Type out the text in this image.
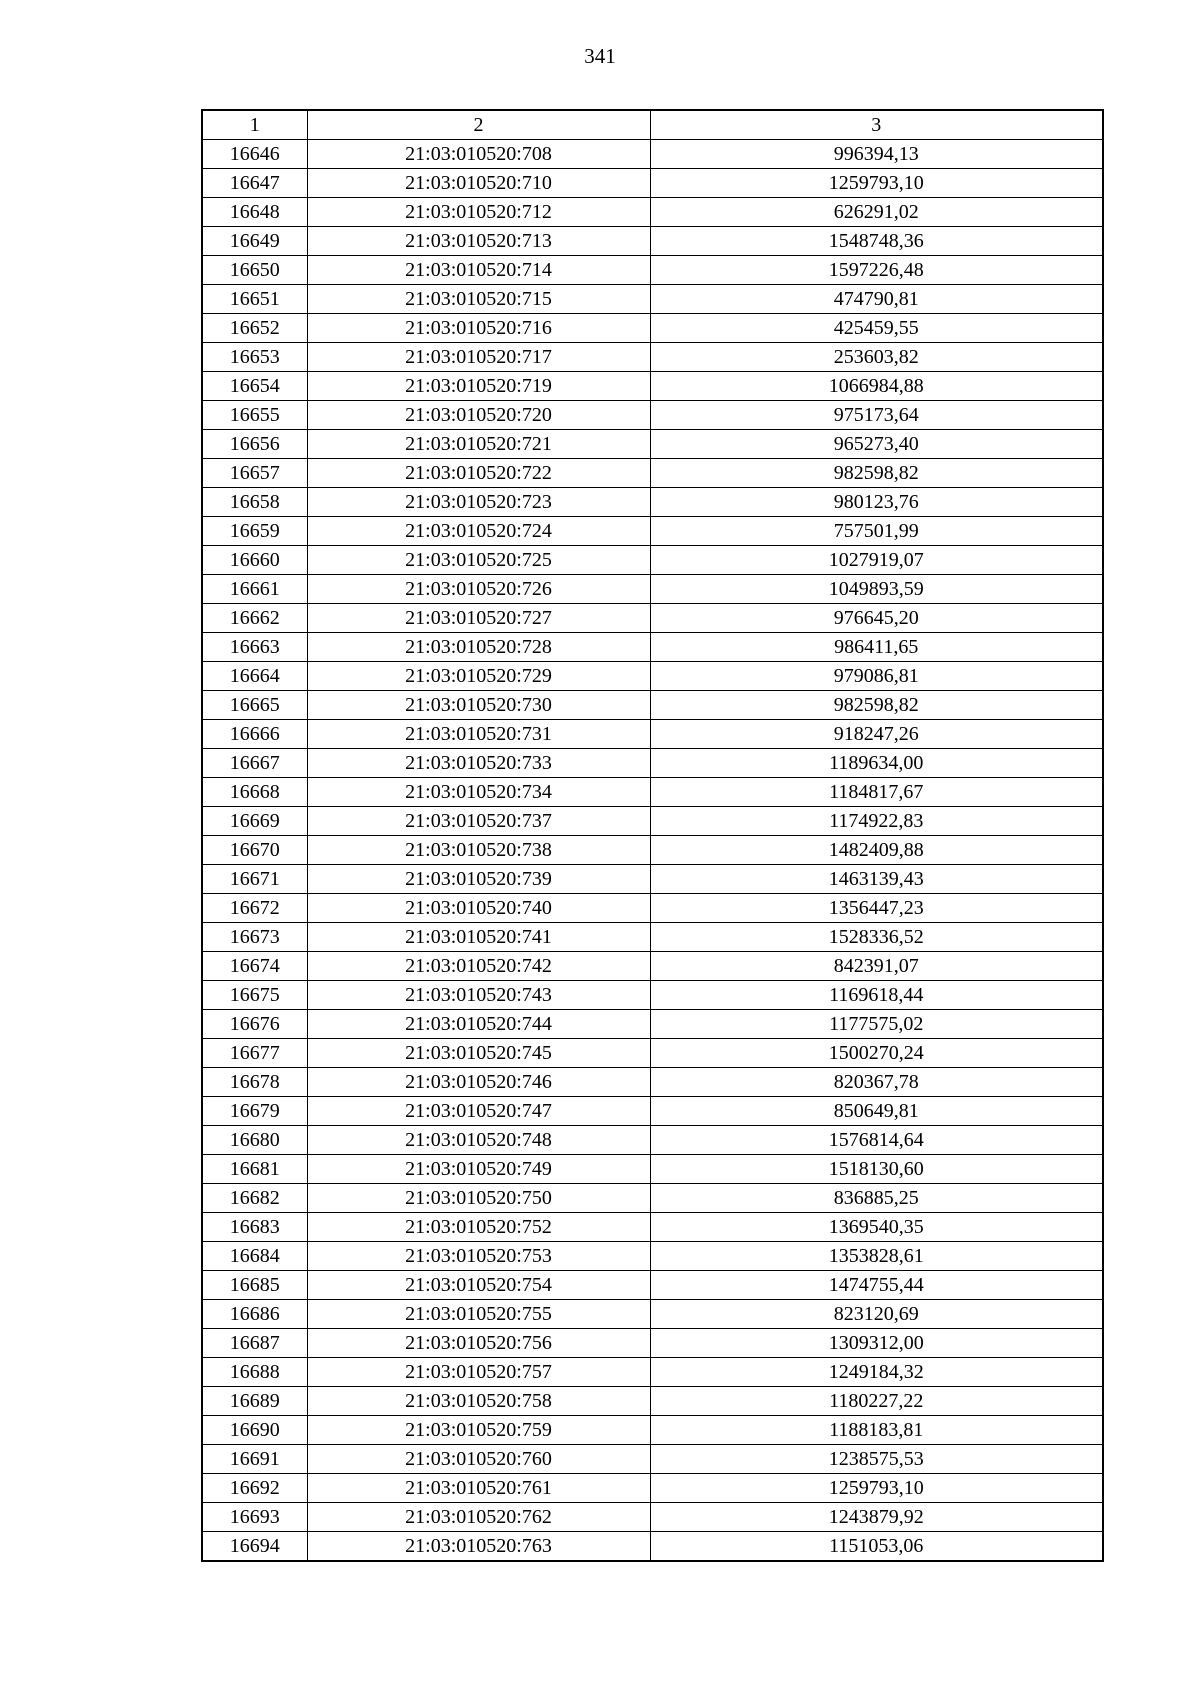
341
1	2	3
16646	21:03:010520:708	996394,13
16647	21:03:010520:710	1259793,10
16648	21:03:010520:712	626291,02
16649	21:03:010520:713	1548748,36
16650	21:03:010520:714	1597226,48
16651	21:03:010520:715	474790,81
16652	21:03:010520:716	425459,55
16653	21:03:010520:717	253603,82
16654	21:03:010520:719	1066984,88
16655	21:03:010520:720	975173,64
16656	21:03:010520:721	965273,40
16657	21:03:010520:722	982598,82
16658	21:03:010520:723	980123,76
16659	21:03:010520:724	757501,99
16660	21:03:010520:725	1027919,07
16661	21:03:010520:726	1049893,59
16662	21:03:010520:727	976645,20
16663	21:03:010520:728	986411,65
16664	21:03:010520:729	979086,81
16665	21:03:010520:730	982598,82
16666	21:03:010520:731	918247,26
16667	21:03:010520:733	1189634,00
16668	21:03:010520:734	1184817,67
16669	21:03:010520:737	1174922,83
16670	21:03:010520:738	1482409,88
16671	21:03:010520:739	1463139,43
16672	21:03:010520:740	1356447,23
16673	21:03:010520:741	1528336,52
16674	21:03:010520:742	842391,07
16675	21:03:010520:743	1169618,44
16676	21:03:010520:744	1177575,02
16677	21:03:010520:745	1500270,24
16678	21:03:010520:746	820367,78
16679	21:03:010520:747	850649,81
16680	21:03:010520:748	1576814,64
16681	21:03:010520:749	1518130,60
16682	21:03:010520:750	836885,25
16683	21:03:010520:752	1369540,35
16684	21:03:010520:753	1353828,61
16685	21:03:010520:754	1474755,44
16686	21:03:010520:755	823120,69
16687	21:03:010520:756	1309312,00
16688	21:03:010520:757	1249184,32
16689	21:03:010520:758	1180227,22
16690	21:03:010520:759	1188183,81
16691	21:03:010520:760	1238575,53
16692	21:03:010520:761	1259793,10
16693	21:03:010520:762	1243879,92
16694	21:03:010520:763	1151053,06
